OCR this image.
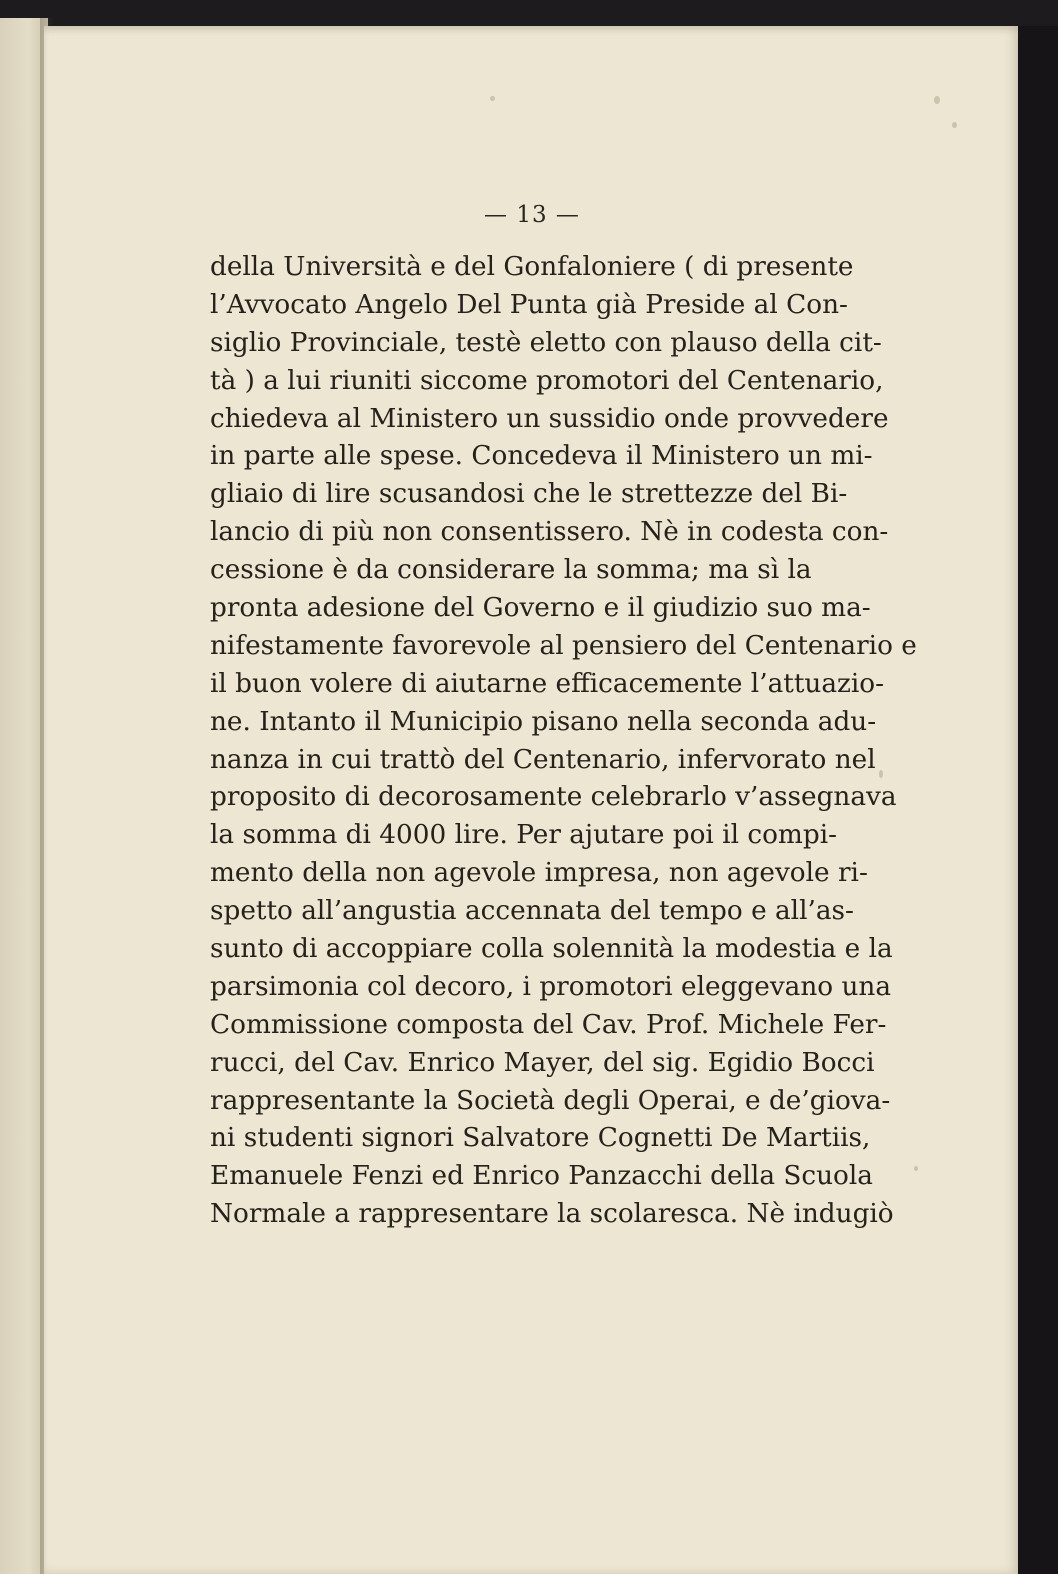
— 13 —
della Università e del Gonfaloniere ( di presente
l’Avvocato Angelo Del Punta già Preside al Con-
siglio Provinciale, testè eletto con plauso della cit-
tà ) a lui riuniti siccome promotori del Centenario,
chiedeva al Ministero un sussidio onde provvedere
in parte alle spese. Concedeva il Ministero un mi-
gliaio di lire scusandosi che le strettezze del Bi-
lancio di più non consentissero. Nè in codesta con-
cessione è da considerare la somma; ma sì la
pronta adesione del Governo e il giudizio suo ma-
nifestamente favorevole al pensiero del Centenario e
il buon volere di aiutarne efficacemente l’attuazio-
ne. Intanto il Municipio pisano nella seconda adu-
nanza in cui trattò del Centenario, infervorato nel
proposito di decorosamente celebrarlo v’assegnava
la somma di 4000 lire. Per ajutare poi il compi-
mento della non agevole impresa, non agevole ri-
spetto all’angustia accennata del tempo e all’as-
sunto di accoppiare colla solennità la modestia e la
parsimonia col decoro, i promotori eleggevano una
Commissione composta del Cav. Prof. Michele Fer-
rucci, del Cav. Enrico Mayer, del sig. Egidio Bocci
rappresentante la Società degli Operai, e de’giova-
ni studenti signori Salvatore Cognetti De Martiis,
Emanuele Fenzi ed Enrico Panzacchi della Scuola
Normale a rappresentare la scolaresca. Nè indugiò
